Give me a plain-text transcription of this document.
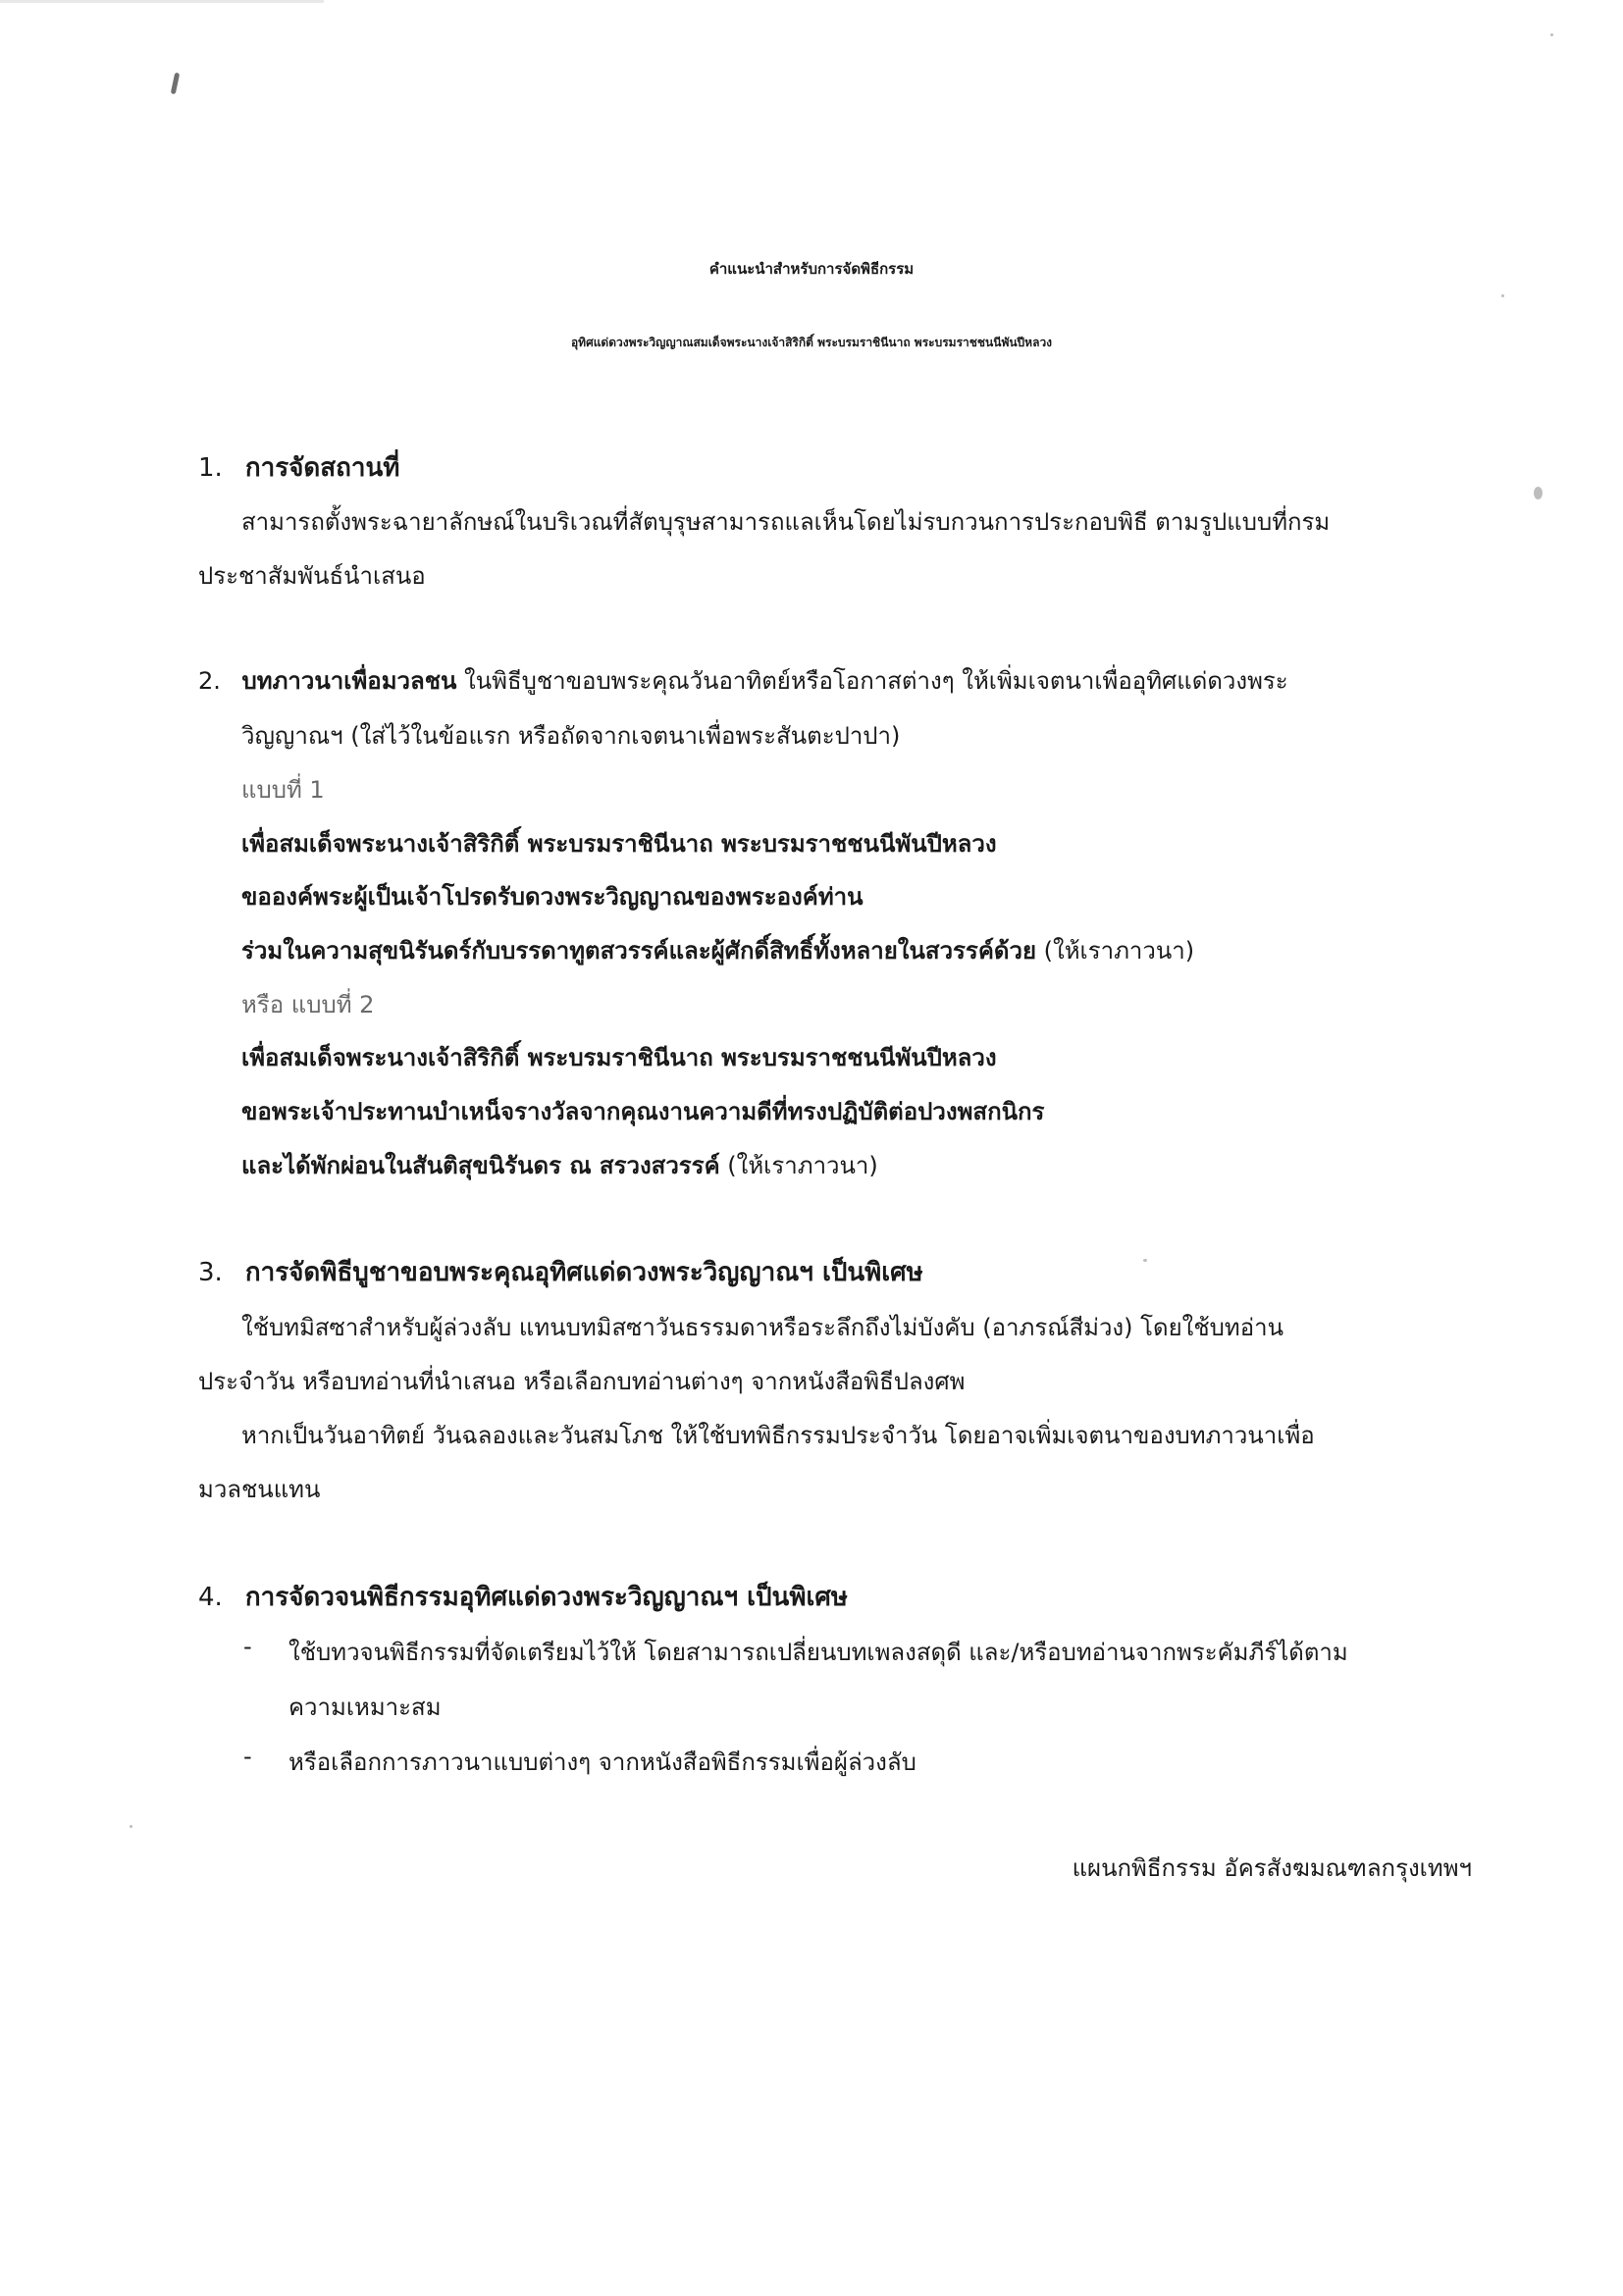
คำแนะนำสำหรับการจัดพิธีกรรม
อุทิศแด่ดวงพระวิญญาณสมเด็จพระนางเจ้าสิริกิติ์ พระบรมราชินีนาถ พระบรมราชชนนีพันปีหลวง
1. การจัดสถานที่
สามารถตั้งพระฉายาลักษณ์ในบริเวณที่สัตบุรุษสามารถแลเห็นโดยไม่รบกวนการประกอบพิธี ตามรูปแบบที่กรม
ประชาสัมพันธ์นำเสนอ
2. บทภาวนาเพื่อมวลชน ในพิธีบูชาขอบพระคุณวันอาทิตย์หรือโอกาสต่างๆ ให้เพิ่มเจตนาเพื่ออุทิศแด่ดวงพระ
วิญญาณฯ (ใส่ไว้ในข้อแรก หรือถัดจากเจตนาเพื่อพระสันตะปาปา)
แบบที่ 1
เพื่อสมเด็จพระนางเจ้าสิริกิติ์ พระบรมราชินีนาถ พระบรมราชชนนีพันปีหลวง
ขอองค์พระผู้เป็นเจ้าโปรดรับดวงพระวิญญาณของพระองค์ท่าน
ร่วมในความสุขนิรันดร์กับบรรดาทูตสวรรค์และผู้ศักดิ์สิทธิ์ทั้งหลายในสวรรค์ด้วย (ให้เราภาวนา)
หรือ แบบที่ 2
เพื่อสมเด็จพระนางเจ้าสิริกิติ์ พระบรมราชินีนาถ พระบรมราชชนนีพันปีหลวง
ขอพระเจ้าประทานบำเหน็จรางวัลจากคุณงานความดีที่ทรงปฏิบัติต่อปวงพสกนิกร
และได้พักผ่อนในสันติสุขนิรันดร ณ สรวงสวรรค์ (ให้เราภาวนา)
3. การจัดพิธีบูชาขอบพระคุณอุทิศแด่ดวงพระวิญญาณฯ เป็นพิเศษ
ใช้บทมิสซาสำหรับผู้ล่วงลับ แทนบทมิสซาวันธรรมดาหรือระลึกถึงไม่บังคับ (อาภรณ์สีม่วง) โดยใช้บทอ่าน
ประจำวัน หรือบทอ่านที่นำเสนอ หรือเลือกบทอ่านต่างๆ จากหนังสือพิธีปลงศพ
หากเป็นวันอาทิตย์ วันฉลองและวันสมโภช ให้ใช้บทพิธีกรรมประจำวัน โดยอาจเพิ่มเจตนาของบทภาวนาเพื่อ
มวลชนแทน
4. การจัดวจนพิธีกรรมอุทิศแด่ดวงพระวิญญาณฯ เป็นพิเศษ
- ใช้บทวจนพิธีกรรมที่จัดเตรียมไว้ให้ โดยสามารถเปลี่ยนบทเพลงสดุดี และ/หรือบทอ่านจากพระคัมภีร์ได้ตาม
ความเหมาะสม
- หรือเลือกการภาวนาแบบต่างๆ จากหนังสือพิธีกรรมเพื่อผู้ล่วงลับ
แผนกพิธีกรรม อัครสังฆมณฑลกรุงเทพฯ
